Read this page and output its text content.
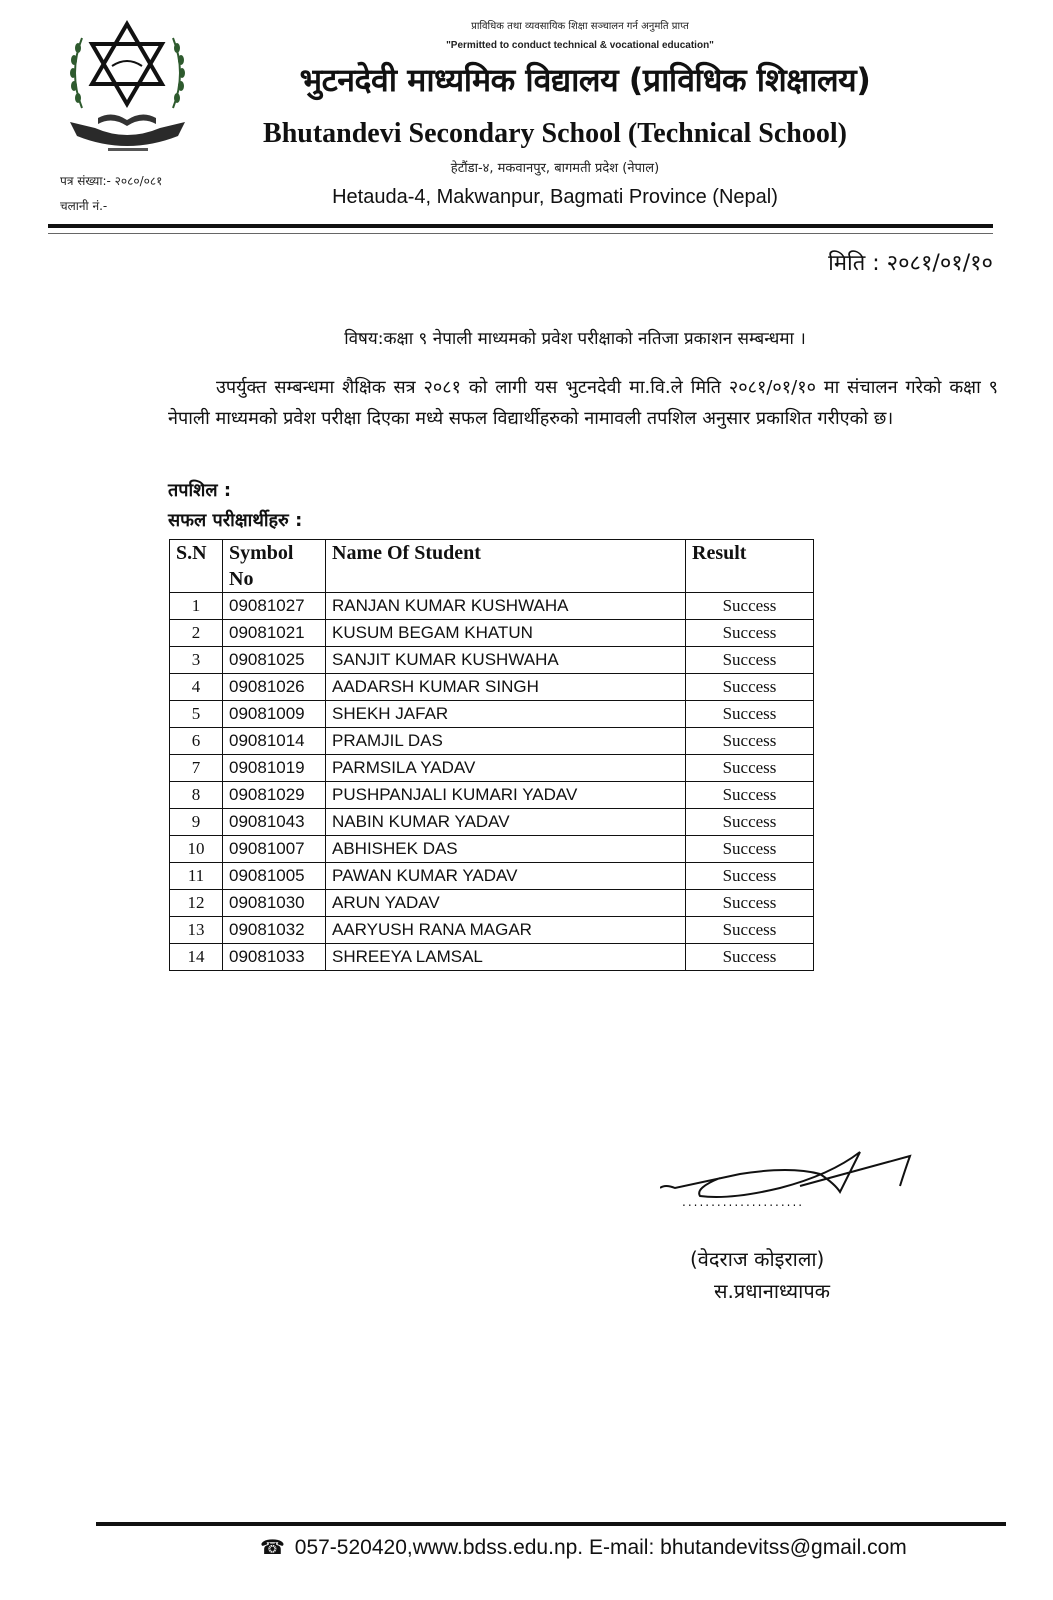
प्राविधिक तथा व्यवसायिक शिक्षा सञ्चालन गर्न अनुमति प्राप्त
"Permitted to conduct technical & vocational education"
भुटनदेवी माध्यमिक विद्यालय (प्राविधिक शिक्षालय)
Bhutandevi Secondary School (Technical School)
हेटौंडा-४, मकवानपुर, बागमती प्रदेश (नेपाल)
Hetauda-4, Makwanpur, Bagmati Province (Nepal)
पत्र संख्या:- २०८०/०८१
चलानी नं.-
मिति : २०८१/०१/१०
विषय:कक्षा ९ नेपाली माध्यमको प्रवेश परीक्षाको नतिजा प्रकाशन सम्बन्धमा ।
उपर्युक्त सम्बन्धमा शैक्षिक सत्र २०८१ को लागी यस भुटनदेवी मा.वि.ले मिति २०८१/०१/१० मा संचालन गरेको कक्षा ९ नेपाली माध्यमको प्रवेश परीक्षा दिएका मध्ये सफल विद्यार्थीहरुको नामावली तपशिल अनुसार प्रकाशित गरीएको छ।
तपशिल :
सफल परीक्षार्थीहरु :
S.N	Symbol No	Name Of Student	Result
1	09081027	RANJAN KUMAR KUSHWAHA	Success
2	09081021	KUSUM BEGAM KHATUN	Success
3	09081025	SANJIT KUMAR KUSHWAHA	Success
4	09081026	AADARSH KUMAR SINGH	Success
5	09081009	SHEKH JAFAR	Success
6	09081014	PRAMJIL DAS	Success
7	09081019	PARMSILA YADAV	Success
8	09081029	PUSHPANJALI KUMARI YADAV	Success
9	09081043	NABIN KUMAR YADAV	Success
10	09081007	ABHISHEK DAS	Success
11	09081005	PAWAN KUMAR YADAV	Success
12	09081030	ARUN YADAV	Success
13	09081032	AARYUSH RANA MAGAR	Success
14	09081033	SHREEYA LAMSAL	Success
.....................
(वेदराज कोइराला)
स.प्रधानाध्यापक
☎ 057-520420,www.bdss.edu.np. E-mail: bhutandevitss@gmail.com
